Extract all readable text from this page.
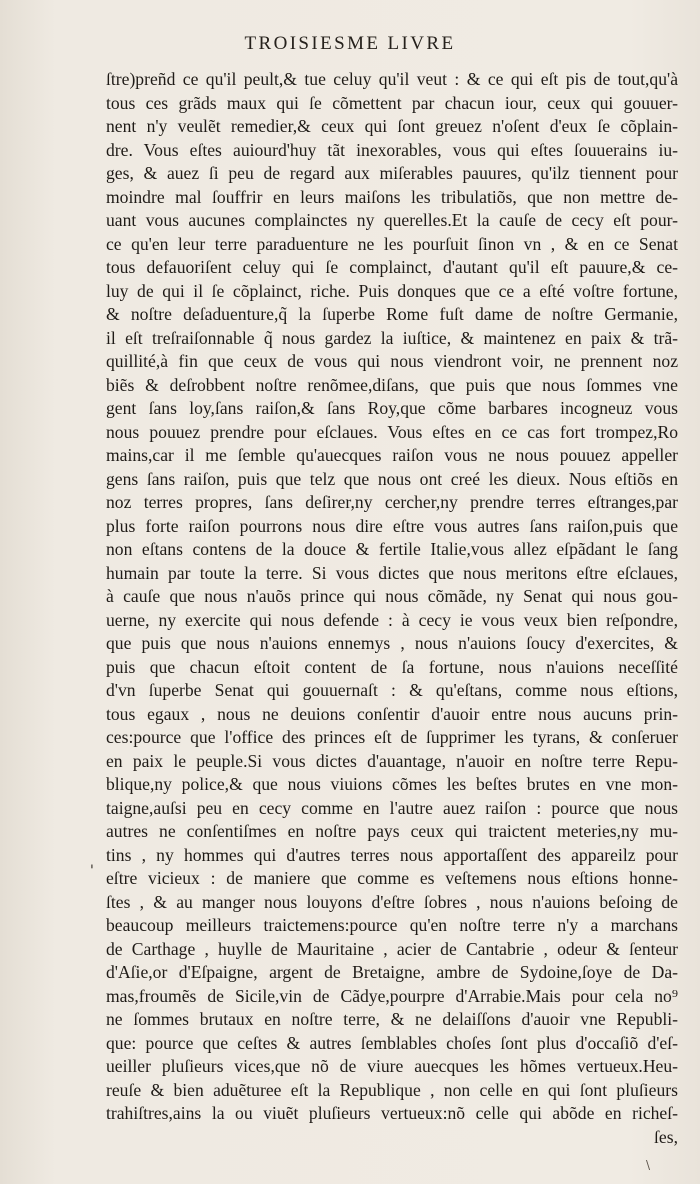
TROISIESME LIVRE
ſtre)preñd ce qu'il peult,& tue celuy qu'il veut : & ce qui eſt pis de tout,qu'à
tous ces grãds maux qui ſe cõmettent par chacun iour, ceux qui gouuer-
nent n'y veulẽt remedier,& ceux qui ſont greuez n'oſent d'eux ſe cõplain-
dre. Vous eſtes auiourd'huy tãt inexorables, vous qui eſtes ſouuerains iu-
ges, & auez ſi peu de regard aux miſerables pauures, qu'ilz tiennent pour
moindre mal ſouffrir en leurs maiſons les tribulatiõs, que non mettre de-
uant vous aucunes complainctes ny querelles.Et la cauſe de cecy eſt pour-
ce qu'en leur terre paraduenture ne les pourſuit ſinon vn , & en ce Senat
tous defauoriſent celuy qui ſe complainct, d'autant qu'il eſt pauure,& ce-
luy de qui il ſe cõplainct, riche. Puis donques que ce a eſté voſtre fortune,
& noſtre deſaduenture,q̃ la ſuperbe Rome fuſt dame de noſtre Germanie,
il eſt treſraiſonnable q̃ nous gardez la iuſtice, & maintenez en paix & trã-
quillité,à fin que ceux de vous qui nous viendront voir, ne prennent noz
biẽs & deſrobbent noſtre renõmee,diſans, que puis que nous ſommes vne
gent ſans loy,ſans raiſon,& ſans Roy,que cõme barbares incogneuz vous
nous pouuez prendre pour eſclaues. Vous eſtes en ce cas fort trompez,Ro
mains,car il me ſemble qu'auecques raiſon vous ne nous pouuez appeller
gens ſans raiſon, puis que telz que nous ont creé les dieux. Nous eſtiõs en
noz terres propres, ſans deſirer,ny cercher,ny prendre terres eſtranges,par
plus forte raiſon pourrons nous dire eſtre vous autres ſans raiſon,puis que
non eſtans contens de la douce & fertile Italie,vous allez eſpãdant le ſang
humain par toute la terre. Si vous dictes que nous meritons eſtre eſclaues,
à cauſe que nous n'auõs prince qui nous cõmãde, ny Senat qui nous gou-
uerne, ny exercite qui nous defende : à cecy ie vous veux bien reſpondre,
que puis que nous n'auions ennemys , nous n'auions ſoucy d'exercites, &
puis que chacun eſtoit content de ſa fortune, nous n'auions neceſſité
d'vn ſuperbe Senat qui gouuernaſt : & qu'eſtans, comme nous eſtions,
tous egaux , nous ne deuions conſentir d'auoir entre nous aucuns prin-
ces:pource que l'office des princes eſt de ſupprimer les tyrans, & conſeruer
en paix le peuple.Si vous dictes d'auantage, n'auoir en noſtre terre Repu-
blique,ny police,& que nous viuions cõmes les beſtes brutes en vne mon-
taigne,auſsi peu en cecy comme en l'autre auez raiſon : pource que nous
autres ne conſentiſmes en noſtre pays ceux qui traictent meteries,ny mu-
tins , ny hommes qui d'autres terres nous apportaſſent des appareilz pour
eſtre vicieux : de maniere que comme es veſtemens nous eſtions honne-
ſtes , & au manger nous louyons d'eſtre ſobres , nous n'auions beſoing de
beaucoup meilleurs traictemens:pource qu'en noſtre terre n'y a marchans
de Carthage , huylle de Mauritaine , acier de Cantabrie , odeur & ſenteur
d'Aſie,or d'Eſpaigne, argent de Bretaigne, ambre de Sydoine,ſoye de Da-
mas,froumẽs de Sicile,vin de Cãdye,pourpre d'Arrabie.Mais pour cela no⁹
ne ſommes brutaux en noſtre terre, & ne delaiſſons d'auoir vne Republi-
que: pource que ceſtes & autres ſemblables choſes ſont plus d'occaſiõ d'eſ-
ueiller pluſieurs vices,que nõ de viure auecques les hõmes vertueux.Heu-
reuſe & bien aduẽturee eſt la Republique , non celle en qui ſont pluſieurs
trahiſtres,ains la ou viuẽt pluſieurs vertueux:nõ celle qui abõde en richeſ-
ſes,
'
\
